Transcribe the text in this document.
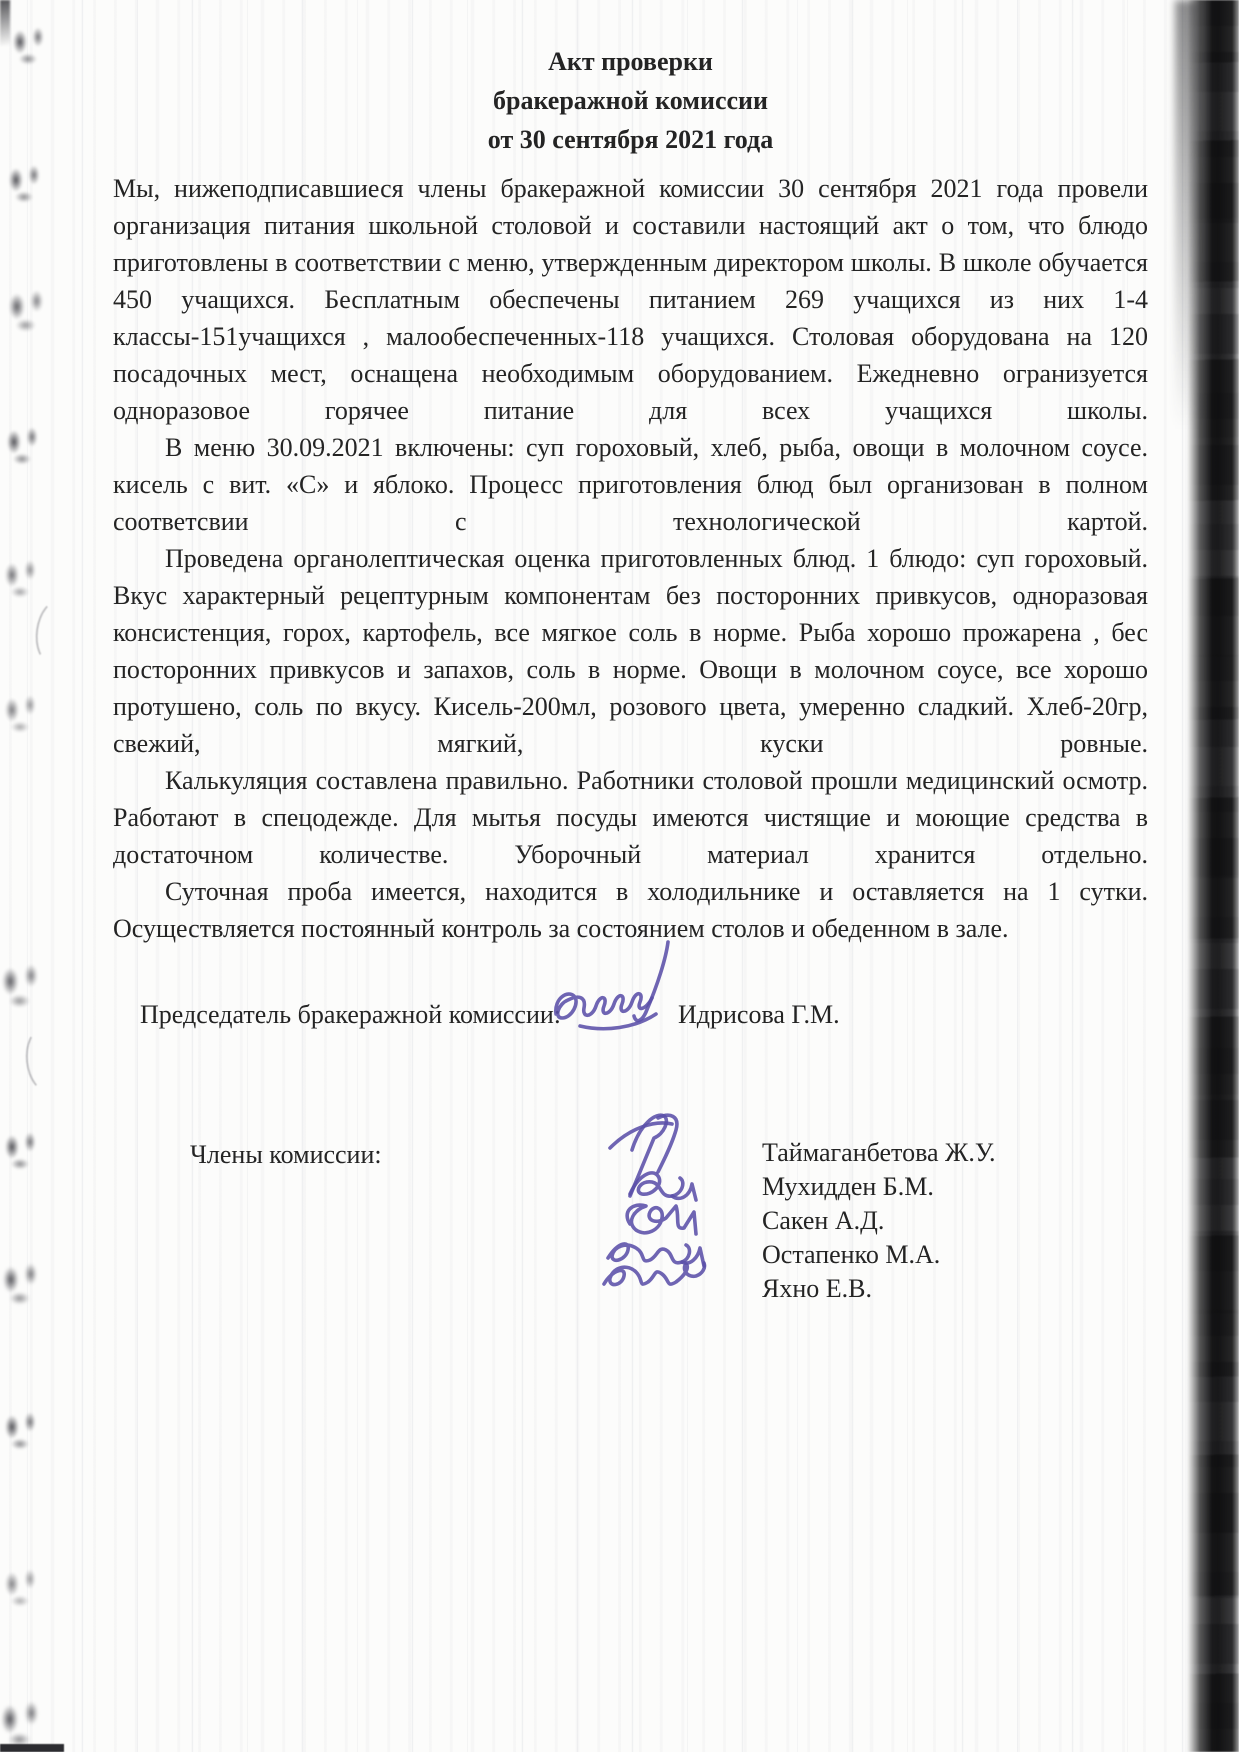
Акт проверки
бракеражной комиссии
от 30 сентября 2021 года

Мы, нижеподписавшиеся члены бракеражной комиссии 30 сентября 2021 года провели организация питания школьной столовой и составили настоящий акт о том, что блюдо приготовлены в соответствии с меню, утвержденным директором школы. В школе обучается 450 учащихся. Бесплатным обеспечены питанием 269 учащихся из них 1-4 классы-151учащихся , малообеспеченных-118 учащихся. Столовая оборудована на 120 посадочных мест, оснащена необходимым оборудованием. Ежедневно огранизуется одноразовое горячее питание для всех учащихся школы.

В меню 30.09.2021 включены: суп гороховый, хлеб, рыба, овощи в молочном соусе. кисель с вит. «С» и яблоко. Процесс приготовления блюд был организован в полном соответсвии с технологической картой.

Проведена органолептическая оценка приготовленных блюд. 1 блюдо: суп гороховый. Вкус характерный рецептурным компонентам без посторонних привкусов, одноразовая консистенция, горох, картофель, все мягкое соль в норме. Рыба хорошо прожарена , бес посторонних привкусов и запахов, соль в норме. Овощи в молочном соусе, все хорошо протушено, соль по вкусу. Кисель-200мл, розового цвета, умеренно сладкий. Хлеб-20гр, свежий, мягкий, куски ровные.

Калькуляция составлена правильно. Работники столовой прошли медицинский осмотр. Работают в спецодежде. Для мытья посуды имеются чистящие и моющие средства в достаточном количестве. Уборочный материал хранится отдельно.

Суточная проба имеется, находится в холодильнике и оставляется на 1 сутки. Осуществляется постоянный контроль за состоянием столов и обеденном в зале.

Председатель бракеражной комиссии:	Идрисова Г.М.
Члены комиссии:	Таймаганбетова Ж.У.
Мухидден Б.М.
Сакен А.Д.
Остапенко М.А.
Яхно Е.В.
